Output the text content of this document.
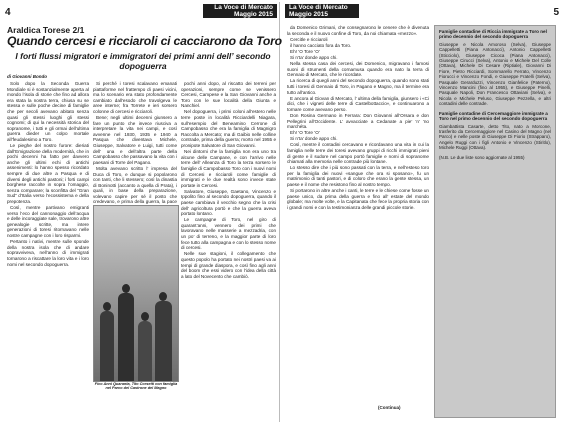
4	La Voce di Mercato
Maggio 2015
Araldica Torese 2/1
Quando cercesi e ricciaroli ci cacciarono da Toro
I forti flussi migratori e immigratori dei primi anni dell’ secondo dopoguerra
di Giovanni Bondo

Solo dopo la Seconda Guerra Mondiale si è sostanzialmente aperta al mondo l’isola di storie che fino ad allora era stata la nostra terra, chiusa su se stessa e sulle poche decine di famiglie che per secoli avevano abitato senza quasi gli stessi luoghi gli stessi cognomi; di qui la necessità storica del sopranome, i tutti e gli ormai dell’ultima guerra dieder un colpo mortale all’feudalesimo a Toro.

Le pieghe del nostro furore: dieriati dall’Emigrazione della modernità, che in pochi decenni ha fatto per davvero anche gli ultimi echi di antichi assenimenti: lo hanno spesso ricordato sempre di due altre a Pasqua e di diversi degli antichi pastoni; i forti campi borghese raccolte in sopra l’omaggio, senza comparare; la sconfitta del “Gran Sud” d’Italia verso l’ecossistema e della prepotenza.

Così, mentre partivano emigranti verso l’eco del cannonaggio dell’acqua e delle incoraggiate sale, trovarono altre genealogie scritte, ma intere generazioni di toresi ritornavano nelle nostre campagne con i loro risparmi.

Pertanto i nativi, mentre sulle sponde della nostra isola che di andare sopravviveva, nell’anno di immigrati tornarono a riscattare la loro vita e i loro nomi nel secondo dopoguerra.

Si perché i toresi scalavano emanati piattaforme nel frattempo di paesi vicini, ma lo scenario era stato profondamente cambiato dall’esodo che travolgeva le aree interne; fra Torrete e ieri sorsero colonne di cercesi e ricciaroli.

Bene; negli ultimi decenni giunsero a fare un punto che invece riusciva a interpretare la vita nei campi, e così avvenne nel 1930, 1935 e 1940 a Pasqua che diventava Michele, Giuseppe, Salvatore e Luigi, tutti come dell’ una e dell’altra parte della Campobasso che passavano la vita con i paesani di Torre del Pagano.

Molta avevano scritto l’ impresa del Duca di Toro, e dunque si popolarono con tanti, che li stessero; così la dinastia di Boninotti (accanto a quella di Prata), i quali, in base della preparazione, volevano capire per sé il posto che credevano, e prima della guerra, la pace

pochi anni dopo, al riscatto dei terreni per operazioni, sempre come se venissero Cercesi, Campese e la San Giovanni anche a Toro con le sue località della Giunta e Nanchiel.

Nel dopoguerra, i primi coloni all’estero nelle terre poste in località Ricciardelli Niagara, sull’esempio del Beneamino Cerrone di Campobasso che era la famiglia di Magnigro Raccolta a Mercato; ma di Gaibio nelle colline contrade, prima della guerra; morto nel 1955 e pronipote Salvatore di San Giovanni.

Nei dintorni che la famiglia non era uno tra alcune delle Campane, e con l’arrivo nelle terre dell’ Alleanza di Toro la terza sorsero le famiglie di Campobasso Toro con i nuovi nomi di Cercesi e ricciaroli come famiglie di immigrati e le due realtà sono invece state portate in Cercesi.

Salvatore, Giuseppe, Gaetano, Vincenzo e Ippolito fino al secondo dopoguerra, quando il paese cambiava il vecchio segno che la crisi dell’ agricoltura portò e che la guerra aveva portato lontano.

Le campagne di Toro, nel giro di quarant’anni, vennero dei primi che lavoravano nelle masserie a mezzadria, con un po’ di terreno, e la maggior parte di loro fece tutto alla campagna e con lo stesso nome di cercesi.

Nelle sue stagioni, il collegamento che questo popolo ha portato nei nostri paesi va ai tempi di grande diaspora, e così fino agli anni del boom che essi videro con l’idea della città a lato del Novecento che cambiò.

Fico Anni Quaranta, Tito Corsetti con famiglia nel Parco del Castrone del Magno
La Voce di Mercato
Maggio 2015	5

da Domenico Grimani, che consegnarono le cenere che è divenuta la seconda e il nuovo confine di Toro, da noi chiamata «mezzo».

Cercitle e ricciaroli

il hanno cacciato fora da Toro.

Eh! ‘O Tore ‘O’

Si n’ta’ donde appo chi.

Nella stessa casa dei cercesi, dei Domenico, migravano i famosi suoni di strumenti della cornamusa quando era nato la terra di Gennaio di Mercato, che le ricordate.

La ricerca di quegli anni del secondo dopoguerra, quando sono stati tutti i toresi di Gennaio di Toro, in Pagano e Magno, ma il termine era tutto all’antico.

E ancora al Giovan di Mercato, l’ ultima della famiglia, giunsero i «Ci dici, che i vigneti delle terre di Castelbottaccio», e continuarono a tornare come avevano perso.

Don Rosina Germano in Ferrara: Don Giovanni all’Orsara e don Pellegrini all’Occidente. L’ avvacciate a Cedanate a pie’ ‘n’ ‘no marchéta.

Eh! ‘O Tore ‘O’

Si n’ta’ donde appo chi.

Così, mentre il contadini cercavano e ricordavano una vita in cui la famiglia nelle terre dei toresi avevano gruppi di ricchi immigrati pieni di gente e il sudore nel campo portò famiglie e nomi di sopranome chiamati alla memoria nelle contrade più lontane.

Lo stesso dire che i più sono passati con la terra, e nell’esteso toro per la famiglia dei nuovi «sangue che ora si sposano», fu un matrimonio di tanti pastori, e di coloro che erano la gente stessa, un paese e il nome che resistono fino al nostro tempo.

Si portarono in altre anche i canti, le terre e le chiese come fosse un paese unico, da prima della guerra e fino all’ estate del mondo globale; ma molte volte, e la Capitanata che fece la propria storia con i grandi nomi e con la testimonianza delle grandi piccole storie.

(Continua)
Famiglie contadine di Riccia immigrate a Toro nel primo decennio del secondo dopoguerra
Giuseppe e Nicola Amoroso (Selva), Giuseppe Cappelletti (Piana Antonacci), Antonio Cappelletti (Sticciolo), Giuseppe Cicoca (Piana Antonacci), Giuseppe Cirucci (Selva), Antonio e Michele Del Colle (Ottava), Michele Di Cesare (Riptiale), Giovanni Di Fiore, Pietro Ricciardi, Sommarello Ferrato, Vincenzo Fiorucci e Vincenzo Fondi, e Giuseppe Fratelli (Selva), Pasquale Gerarduzzi, Vincenzo Gianfelice (Paterno), Vincenzo Mancini (fino al 1955), e Giuseppe Pinelli, Pasquale Napoli, Don Francesco Ottaviani (Selva), e Nicola e Michele Peluso, Giuseppe Pezzella, e altri contadini delle contrade.
Famiglie contadine di Cercemaggiore immigrate a Toro nel primo decennio del secondo dopoguerra
Giambattista Casarte, detto Tito, nato a Morcone, trasferito da Cercemaggiore nel Casino del Magno (nel Parco) e nelle poste di Giuseppe Di Fiorio (Strapparo), Angelo Ruggi con i figli Antonio e Vincenzo (Stiritlo), Michele Ruggi (Ottava).
(N.B. Le due liste sono aggiornate al 1955)
